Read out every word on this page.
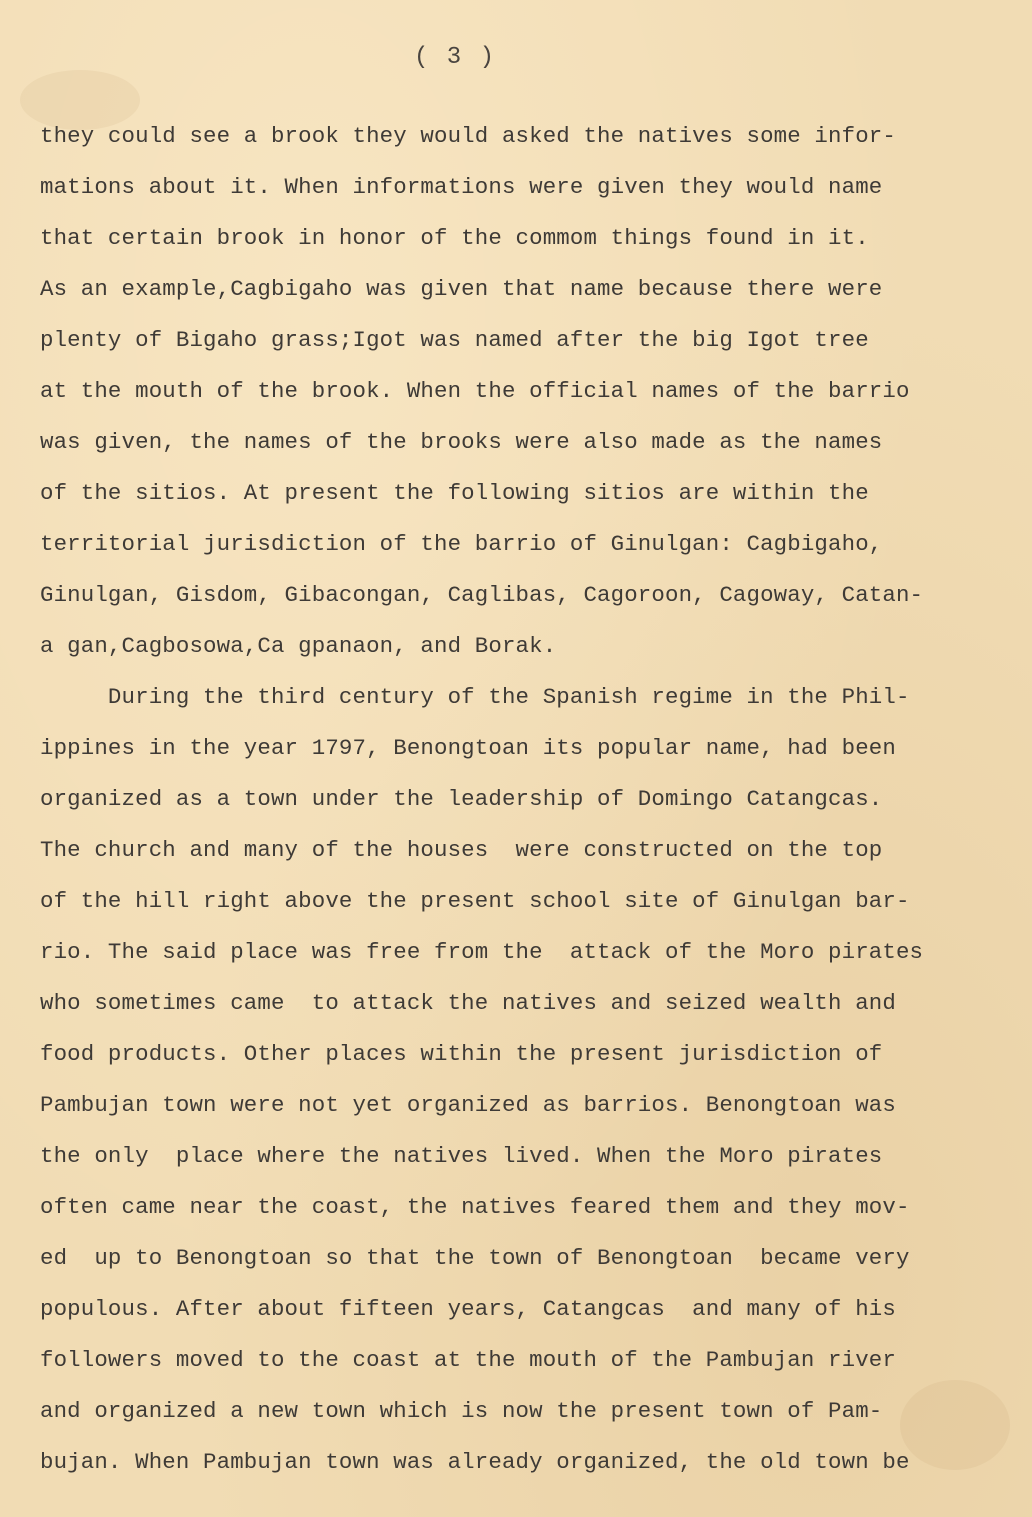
( 3 )
they could see a brook they would asked the natives some infor-
mations about it. When informations were given they would name
that certain brook in honor of the commom things found in it.
As an example,Cagbigaho was given that name because there were
plenty of Bigaho grass;Igot was named after the big Igot tree
at the mouth of the brook. When the official names of the barrio
was given, the names of the brooks were also made as the names
of the sitios. At present the following sitios are within the
territorial jurisdiction of the barrio of Ginulgan: Cagbigaho,
Ginulgan, Gisdom, Gibacongan, Caglibas, Cagoroon, Cagoway, Catan-
a gan,Cagbosowa,Ca gpanaon, and Borak.
During the third century of the Spanish regime in the Phil-
ippines in the year 1797, Benongtoan its popular name, had been
organized as a town under the leadership of Domingo Catangcas.
The church and many of the houses  were constructed on the top
of the hill right above the present school site of Ginulgan bar-
rio. The said place was free from the  attack of the Moro pirates
who sometimes came  to attack the natives and seized wealth and
food products. Other places within the present jurisdiction of
Pambujan town were not yet organized as barrios. Benongtoan was
the only  place where the natives lived. When the Moro pirates
often came near the coast, the natives feared them and they mov-
ed  up to Benongtoan so that the town of Benongtoan  became very
populous. After about fifteen years, Catangcas  and many of his
followers moved to the coast at the mouth of the Pambujan river
and organized a new town which is now the present town of Pam-
bujan. When Pambujan town was already organized, the old town be
